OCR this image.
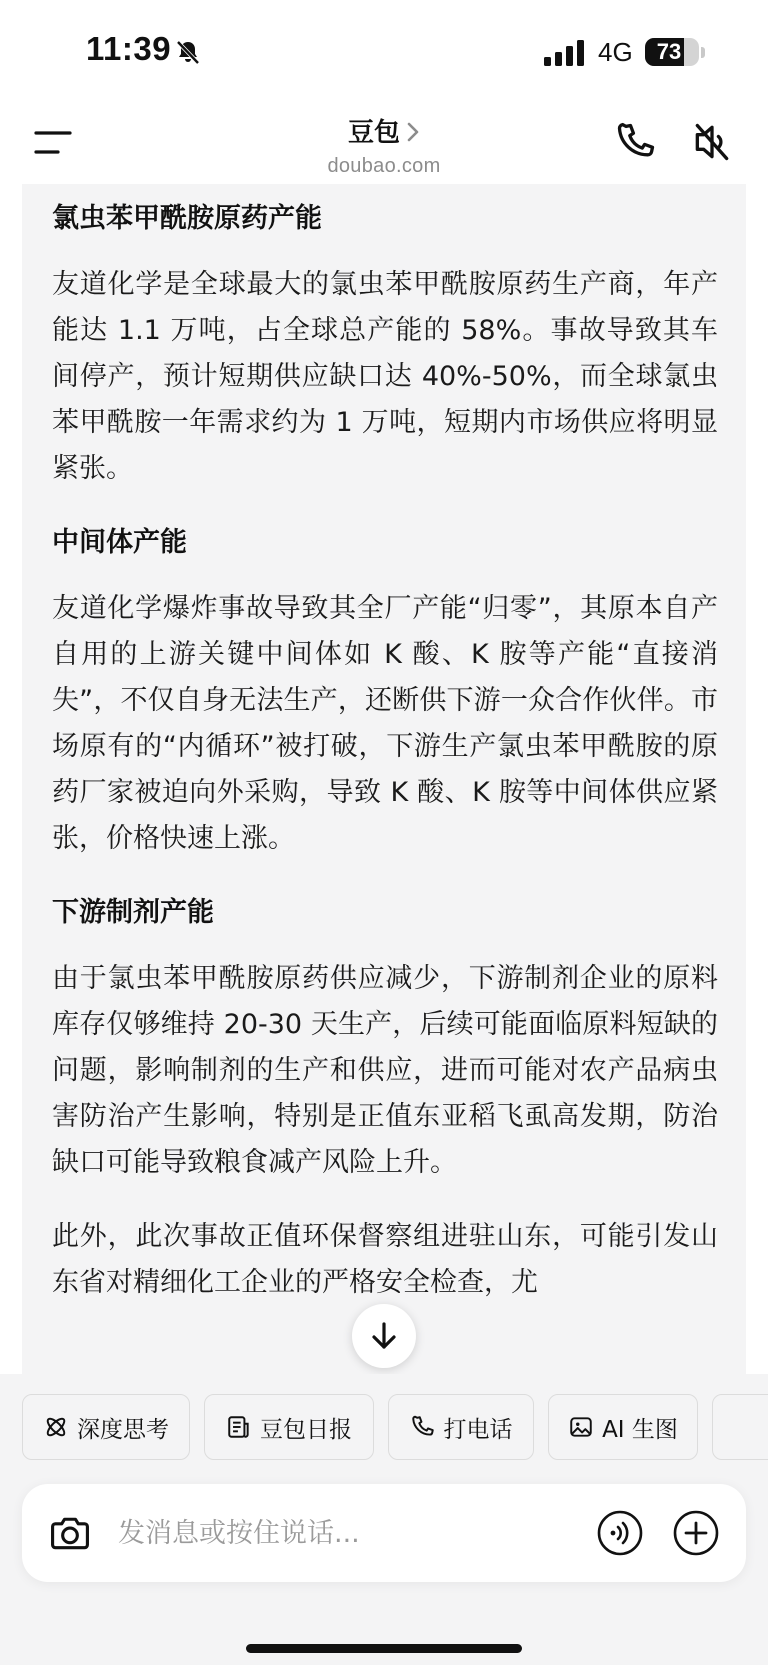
11:39	4G	73
豆包
doubao.com
氯虫苯甲酰胺原药产能

友道化学是全球最大的氯虫苯甲酰胺原药生产商，年产能达 1.1 万吨，占全球总产能的 58%。事故导致其车间停产，预计短期供应缺口达 40%-50%，而全球氯虫苯甲酰胺一年需求约为 1 万吨，短期内市场供应将明显紧张。

中间体产能

友道化学爆炸事故导致其全厂产能“归零”，其原本自产自用的上游关键中间体如 K 酸、K 胺等产能“直接消失”，不仅自身无法生产，还断供下游一众合作伙伴。市场原有的“内循环”被打破，下游生产氯虫苯甲酰胺的原药厂家被迫向外采购，导致 K 酸、K 胺等中间体供应紧张，价格快速上涨。

下游制剂产能

由于氯虫苯甲酰胺原药供应减少，下游制剂企业的原料库存仅够维持 20-30 天生产，后续可能面临原料短缺的问题，影响制剂的生产和供应，进而可能对农产品病虫害防治产生影响，特别是正值东亚稻飞虱高发期，防治缺口可能导致粮食减产风险上升。

此外，此次事故正值环保督察组进驻山东，可能引发山东省对精细化工企业的严格安全检查，尤

深度思考	豆包日报	打电话	AI 生图
发消息或按住说话...
